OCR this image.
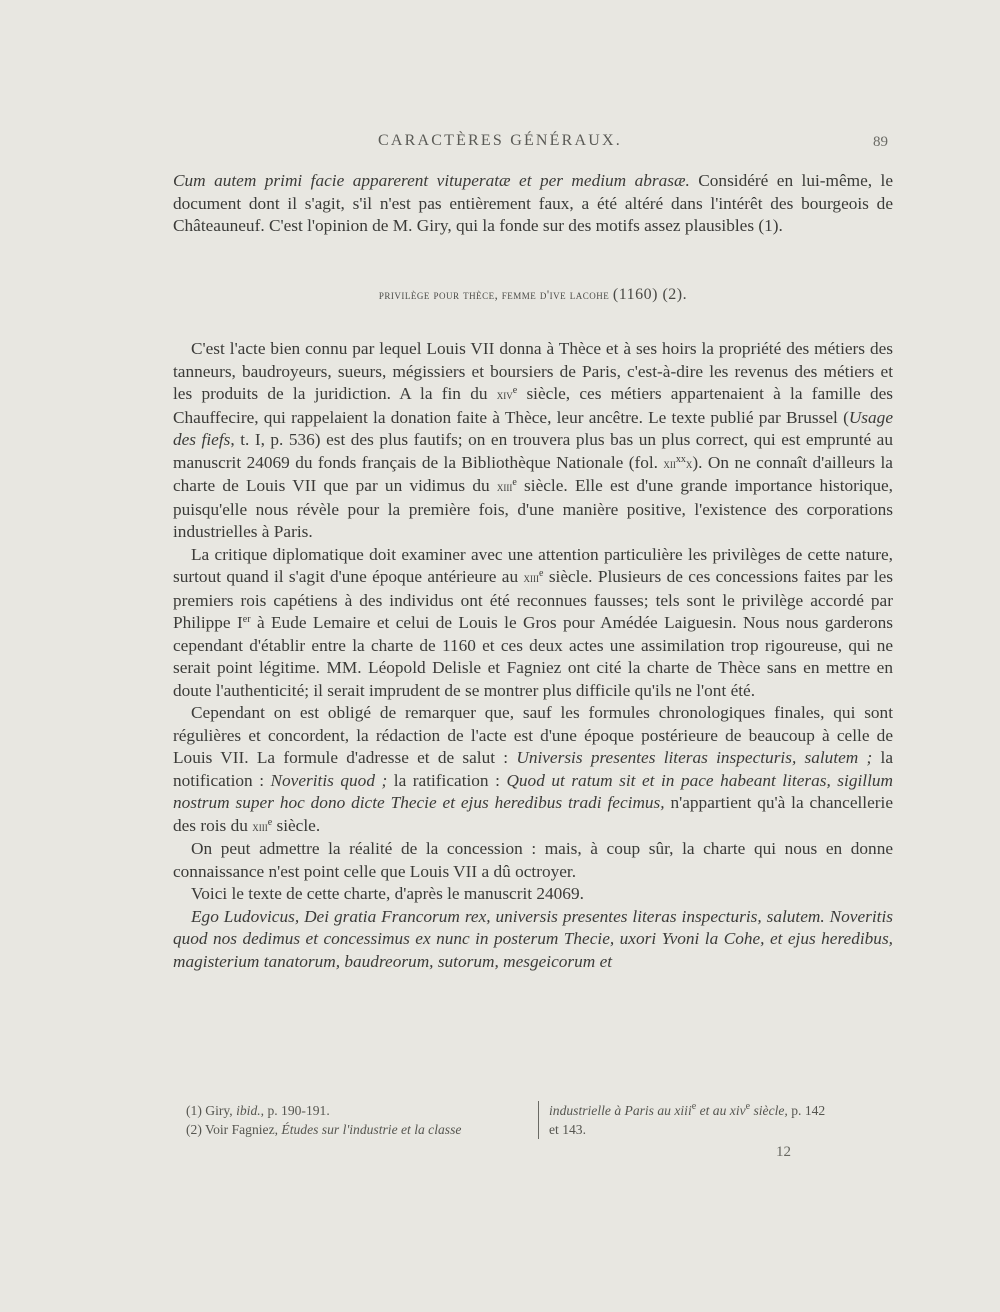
CARACTÈRES GÉNÉRAUX.	89

Cum autem primi facie apparerent vituperatæ et per medium abrasæ. Considéré en lui-même, le document dont il s'agit, s'il n'est pas entièrement faux, a été altéré dans l'intérêt des bourgeois de Châteauneuf. C'est l'opinion de M. Giry, qui la fonde sur des motifs assez plausibles (1).

privilège pour thèce, femme d'ive lacohe (1160) (2).

C'est l'acte bien connu par lequel Louis VII donna à Thèce et à ses hoirs la propriété des métiers des tanneurs, baudroyeurs, sueurs, mégissiers et boursiers de Paris, c'est-à-dire les revenus des métiers et les produits de la juridiction. A la fin du xiv$^e$ siècle, ces métiers appartenaient à la famille des Chauffecire, qui rappelaient la donation faite à Thèce, leur ancêtre. Le texte publié par Brussel (Usage des fiefs, t. I, p. 536) est des plus fautifs; on en trouvera plus bas un plus correct, qui est emprunté au manuscrit 24069 du fonds français de la Bibliothèque Nationale (fol. xii$^{xx}$x). On ne connaît d'ailleurs la charte de Louis VII que par un vidimus du xiii$^e$ siècle. Elle est d'une grande importance historique, puisqu'elle nous révèle pour la première fois, d'une manière positive, l'existence des corporations industrielles à Paris.

La critique diplomatique doit examiner avec une attention particulière les privilèges de cette nature, surtout quand il s'agit d'une époque antérieure au xiii$^e$ siècle. Plusieurs de ces concessions faites par les premiers rois capétiens à des individus ont été reconnues fausses; tels sont le privilège accordé par Philippe Ier à Eude Lemaire et celui de Louis le Gros pour Amédée Laiguesin. Nous nous garderons cependant d'établir entre la charte de 1160 et ces deux actes une assimilation trop rigoureuse, qui ne serait point légitime. MM. Léopold Delisle et Fagniez ont cité la charte de Thèce sans en mettre en doute l'authenticité; il serait imprudent de se montrer plus difficile qu'ils ne l'ont été.

Cependant on est obligé de remarquer que, sauf les formules chronologiques finales, qui sont régulières et concordent, la rédaction de l'acte est d'une époque postérieure de beaucoup à celle de Louis VII. La formule d'adresse et de salut : Universis presentes literas inspecturis, salutem ; la notification : Noveritis quod ; la ratification : Quod ut ratum sit et in pace habeant literas, sigillum nostrum super hoc dono dicte Thecie et ejus heredibus tradi fecimus, n'appartient qu'à la chancellerie des rois du xiii$^e$ siècle.

On peut admettre la réalité de la concession : mais, à coup sûr, la charte qui nous en donne connaissance n'est point celle que Louis VII a dû octroyer.

Voici le texte de cette charte, d'après le manuscrit 24069.

Ego Ludovicus, Dei gratia Francorum rex, universis presentes literas inspecturis, salutem. Noveritis quod nos dedimus et concessimus ex nunc in posterum Thecie, uxori Yvoni la Cohe, et ejus heredibus, magisterium tanatorum, baudreorum, sutorum, mesgeicorum et

(1) Giry, ibid., p. 190-191.
(2) Voir Fagniez, Études sur l'industrie et la classe
industrielle à Paris au xiii$^e$ et au xiv$^e$ siècle, p. 142
et 143.
12
